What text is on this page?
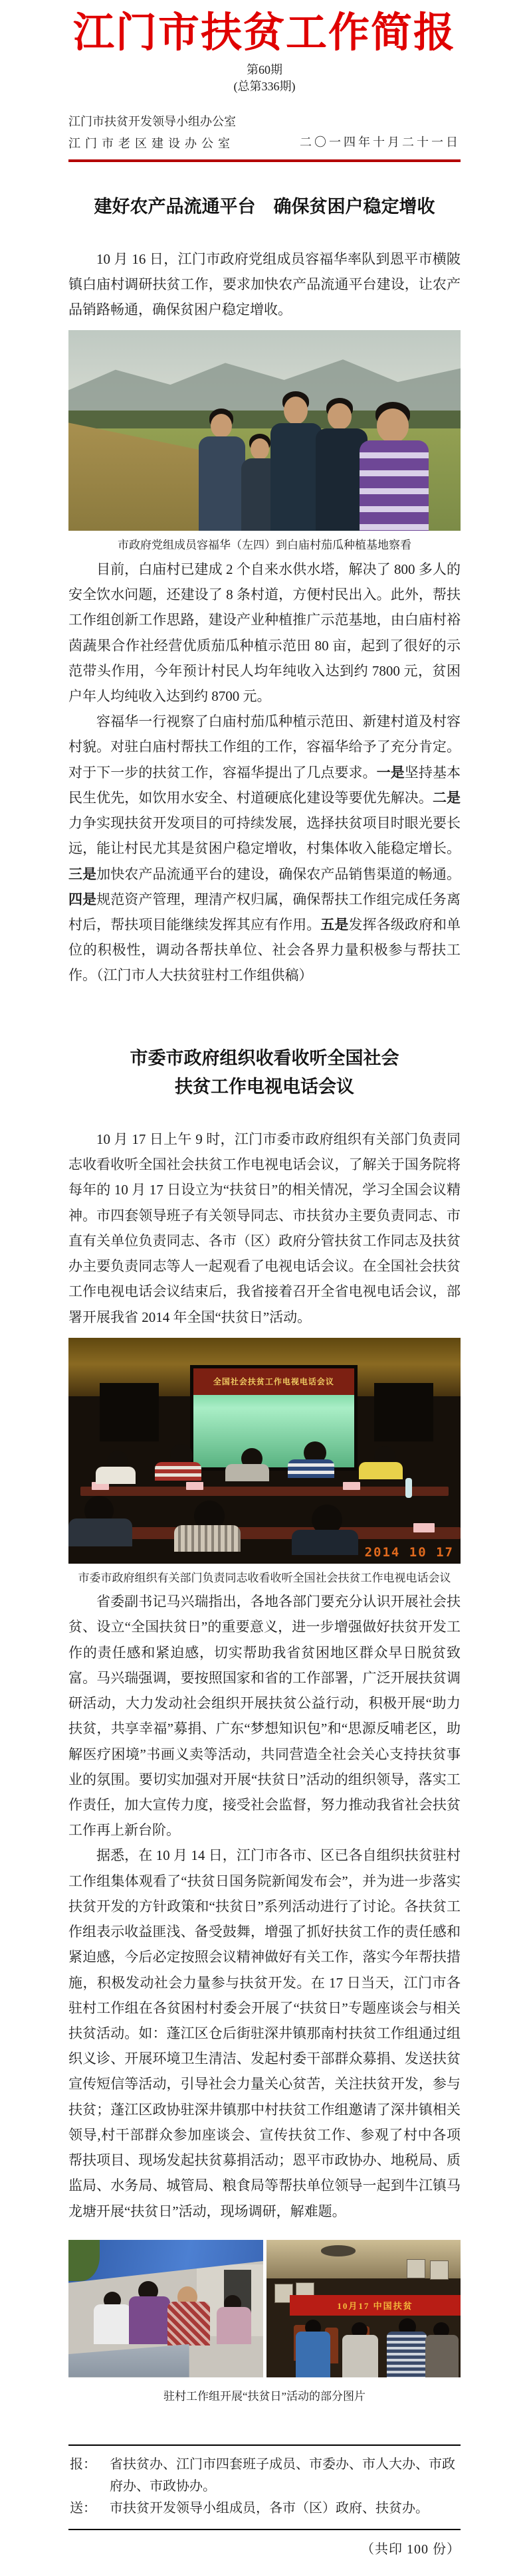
江门市扶贫工作简报
第60期
(总第336期)
江门市扶贫开发领导小组办公室
江门市老区建设办公室	二〇一四年十月二十一日
建好农产品流通平台　确保贫困户稳定增收

10 月 16 日，江门市政府党组成员容福华率队到恩平市横陂镇白庙村调研扶贫工作，要求加快农产品流通平台建设，让农产品销路畅通，确保贫困户稳定增收。

市政府党组成员容福华（左四）到白庙村茄瓜种植基地察看

目前，白庙村已建成 2 个自来水供水塔，解决了 800 多人的安全饮水问题，还建设了 8 条村道，方便村民出入。此外，帮扶工作组创新工作思路，建设产业种植推广示范基地，由白庙村裕茵蔬果合作社经营优质茄瓜种植示范田 80 亩，起到了很好的示范带头作用，今年预计村民人均年纯收入达到约 7800 元，贫困户年人均纯收入达到约 8700 元。

容福华一行视察了白庙村茄瓜种植示范田、新建村道及村容村貌。对驻白庙村帮扶工作组的工作，容福华给予了充分肯定。对于下一步的扶贫工作，容福华提出了几点要求。一是坚持基本民生优先，如饮用水安全、村道硬底化建设等要优先解决。二是力争实现扶贫开发项目的可持续发展，选择扶贫项目时眼光要长远，能让村民尤其是贫困户稳定增收，村集体收入能稳定增长。三是加快农产品流通平台的建设，确保农产品销售渠道的畅通。四是规范资产管理，理清产权归属，确保帮扶工作组完成任务离村后，帮扶项目能继续发挥其应有作用。五是发挥各级政府和单位的积极性，调动各帮扶单位、社会各界力量积极参与帮扶工作。（江门市人大扶贫驻村工作组供稿）

市委市政府组织收看收听全国社会
扶贫工作电视电话会议

10 月 17 日上午 9 时，江门市委市政府组织有关部门负责同志收看收听全国社会扶贫工作电视电话会议，了解关于国务院将每年的 10 月 17 日设立为“扶贫日”的相关情况，学习全国会议精神。市四套领导班子有关领导同志、市扶贫办主要负责同志、市直有关单位负责同志、各市（区）政府分管扶贫工作同志及扶贫办主要负责同志等人一起观看了电视电话会议。在全国社会扶贫工作电视电话会议结束后，我省接着召开全省电视电话会议，部署开展我省 2014 年全国“扶贫日”活动。

全国社会扶贫工作电视电话会议
2014 10 17
市委市政府组织有关部门负责同志收看收听全国社会扶贫工作电视电话会议

省委副书记马兴瑞指出，各地各部门要充分认识开展社会扶贫、设立“全国扶贫日”的重要意义，进一步增强做好扶贫开发工作的责任感和紧迫感，切实帮助我省贫困地区群众早日脱贫致富。马兴瑞强调，要按照国家和省的工作部署，广泛开展扶贫调研活动，大力发动社会组织开展扶贫公益行动，积极开展“助力扶贫，共享幸福”募捐、广东“梦想知识包”和“思源反哺老区，助解医疗困境”书画义卖等活动，共同营造全社会关心支持扶贫事业的氛围。要切实加强对开展“扶贫日”活动的组织领导，落实工作责任，加大宣传力度，接受社会监督，努力推动我省社会扶贫工作再上新台阶。

据悉，在 10 月 14 日，江门市各市、区已各自组织扶贫驻村工作组集体观看了“扶贫日国务院新闻发布会”，并为进一步落实扶贫开发的方针政策和“扶贫日”系列活动进行了讨论。各扶贫工作组表示收益匪浅、备受鼓舞，增强了抓好扶贫工作的责任感和紧迫感，今后必定按照会议精神做好有关工作，落实今年帮扶措施，积极发动社会力量参与扶贫开发。在 17 日当天，江门市各驻村工作组在各贫困村村委会开展了“扶贫日”专题座谈会与相关扶贫活动。如：蓬江区仓后街驻深井镇那南村扶贫工作组通过组织义诊、开展环境卫生清洁、发起村委干部群众募捐、发送扶贫宣传短信等活动，引导社会力量关心贫苦，关注扶贫开发，参与扶贫；蓬江区政协驻深井镇那中村扶贫工作组邀请了深井镇相关领导,村干部群众参加座谈会、宣传扶贫工作、参观了村中各项帮扶项目、现场发起扶贫募捐活动；恩平市政协办、地税局、质监局、水务局、城管局、粮食局等帮扶单位领导一起到牛江镇马龙塘开展“扶贫日”活动，现场调研，解难题。

10月17 中国扶贫
驻村工作组开展“扶贫日”活动的部分图片
报：	省扶贫办、江门市四套班子成员、市委办、市人大办、市政府办、市政协办。
送：	市扶贫开发领导小组成员，各市（区）政府、扶贫办。
（共印 100 份）
